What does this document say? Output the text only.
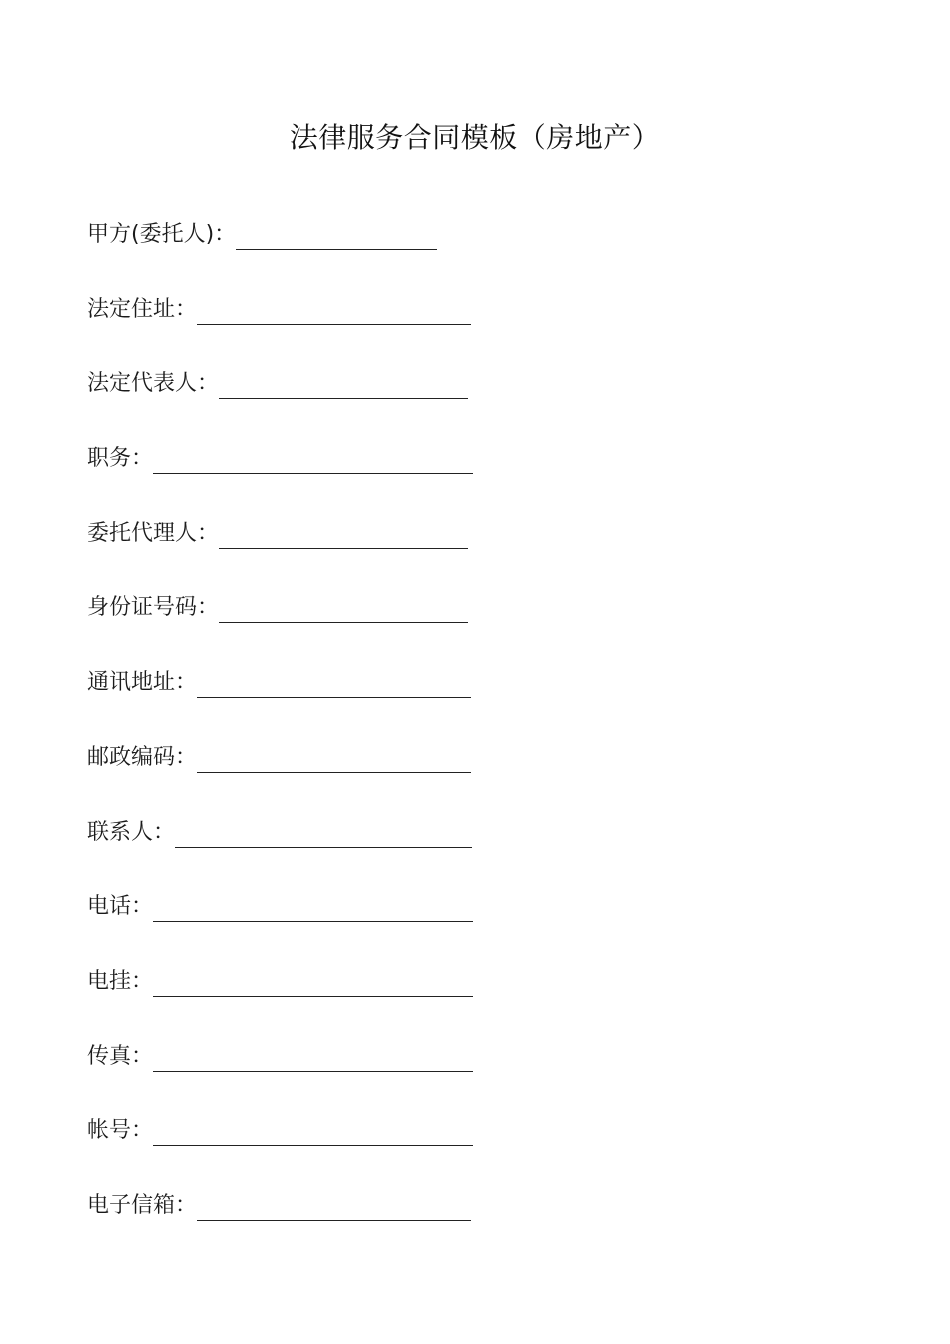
法律服务合同模板（房地产）
甲方(委托人)：
法定住址：
法定代表人：
职务：
委托代理人：
身份证号码：
通讯地址：
邮政编码：
联系人：
电话：
电挂：
传真：
帐号：
电子信箱：
